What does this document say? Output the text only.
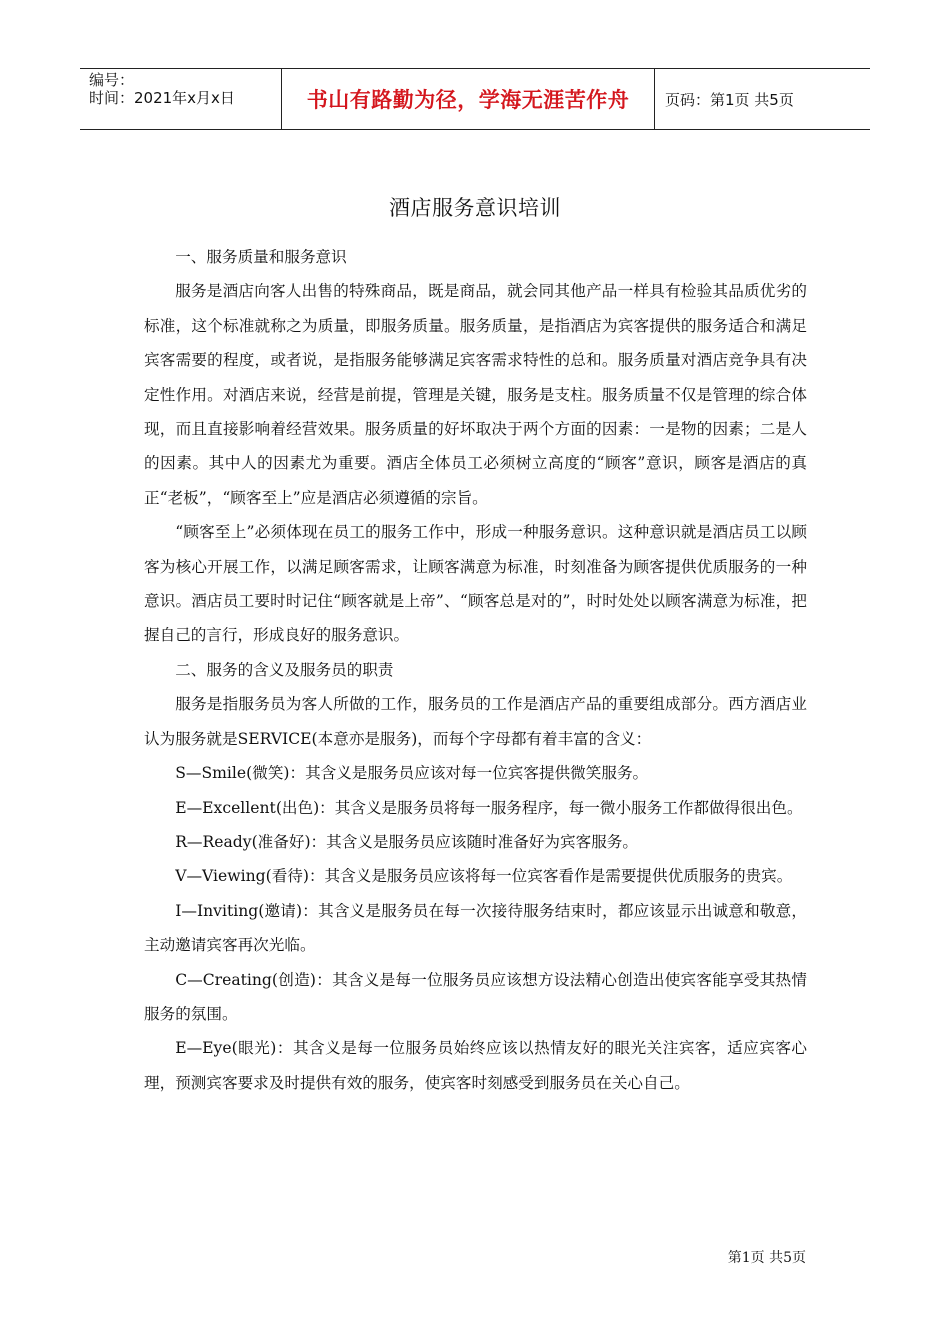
编号：
时间：2021年x月x日	书山有路勤为径，学海无涯苦作舟 页码：第1页 共5页
酒店服务意识培训

一、服务质量和服务意识

服务是酒店向客人出售的特殊商品，既是商品，就会同其他产品一样具有检验其品质优劣的标准，这个标准就称之为质量，即服务质量。服务质量，是指酒店为宾客提供的服务适合和满足宾客需要的程度，或者说，是指服务能够满足宾客需求特性的总和。服务质量对酒店竞争具有决定性作用。对酒店来说，经营是前提，管理是关键，服务是支柱。服务质量不仅是管理的综合体现，而且直接影响着经营效果。服务质量的好坏取决于两个方面的因素：一是物的因素；二是人的因素。其中人的因素尤为重要。酒店全体员工必须树立高度的“顾客”意识，顾客是酒店的真正“老板”，“顾客至上”应是酒店必须遵循的宗旨。

“顾客至上”必须体现在员工的服务工作中，形成一种服务意识。这种意识就是酒店员工以顾客为核心开展工作，以满足顾客需求，让顾客满意为标准，时刻准备为顾客提供优质服务的一种意识。酒店员工要时时记住“顾客就是上帝”、“顾客总是对的”，时时处处以顾客满意为标准，把握自己的言行，形成良好的服务意识。

二、服务的含义及服务员的职责

服务是指服务员为客人所做的工作，服务员的工作是酒店产品的重要组成部分。西方酒店业认为服务就是SERVICE(本意亦是服务)，而每个字母都有着丰富的含义：

S—Smile(微笑)：其含义是服务员应该对每一位宾客提供微笑服务。

E—Excellent(出色)：其含义是服务员将每一服务程序，每一微小服务工作都做得很出色。

R—Ready(准备好)：其含义是服务员应该随时准备好为宾客服务。

V—Viewing(看待)：其含义是服务员应该将每一位宾客看作是需要提供优质服务的贵宾。

I—Inviting(邀请)：其含义是服务员在每一次接待服务结束时，都应该显示出诚意和敬意，主动邀请宾客再次光临。

C—Creating(创造)：其含义是每一位服务员应该想方设法精心创造出使宾客能享受其热情服务的氛围。

E—Eye(眼光)：其含义是每一位服务员始终应该以热情友好的眼光关注宾客，适应宾客心理，预测宾客要求及时提供有效的服务，使宾客时刻感受到服务员在关心自己。

第1页 共5页
